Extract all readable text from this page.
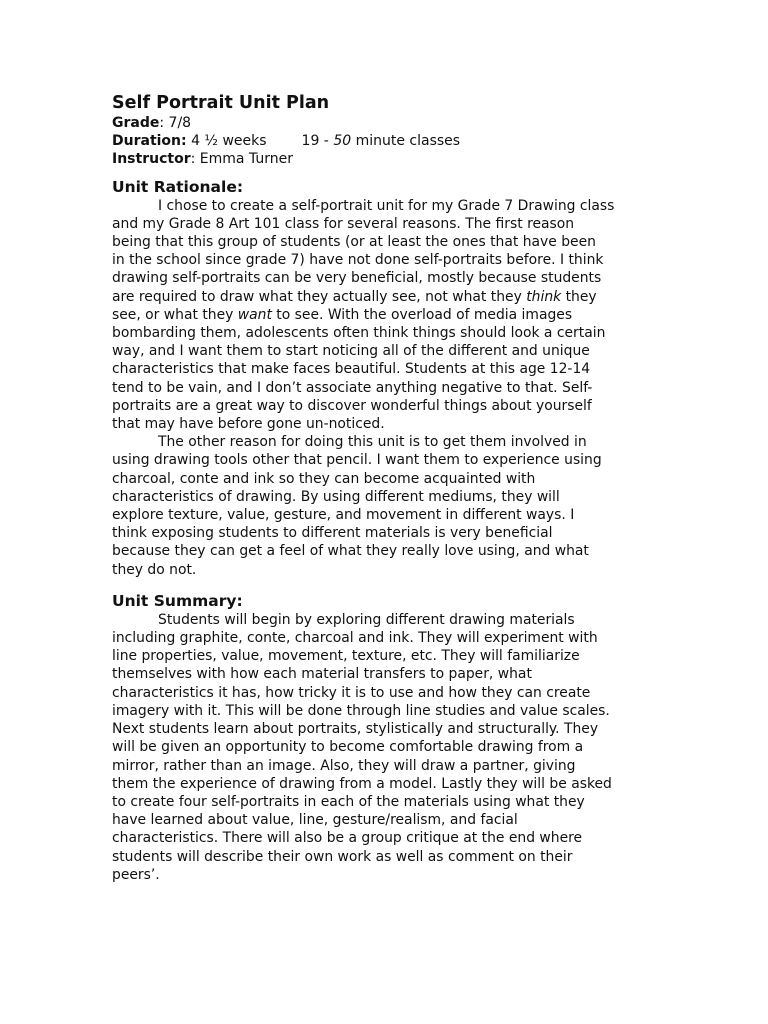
Self Portrait Unit Plan
Grade: 7/8
Duration: 4 ½ weeks	19 - 50 minute classes
Instructor: Emma Turner
Unit Rationale:

I chose to create a self-portrait unit for my Grade 7 Drawing class
and my Grade 8 Art 101 class for several reasons. The first reason
being that this group of students (or at least the ones that have been
in the school since grade 7) have not done self-portraits before. I think
drawing self-portraits can be very beneficial, mostly because students
are required to draw what they actually see, not what they think they
see, or what they want to see. With the overload of media images
bombarding them, adolescents often think things should look a certain
way, and I want them to start noticing all of the different and unique
characteristics that make faces beautiful. Students at this age 12-14
tend to be vain, and I don’t associate anything negative to that. Self-
portraits are a great way to discover wonderful things about yourself
that may have before gone un-noticed.

The other reason for doing this unit is to get them involved in
using drawing tools other that pencil. I want them to experience using
charcoal, conte and ink so they can become acquainted with
characteristics of drawing. By using different mediums, they will
explore texture, value, gesture, and movement in different ways. I
think exposing students to different materials is very beneficial
because they can get a feel of what they really love using, and what
they do not.

Unit Summary:

Students will begin by exploring different drawing materials
including graphite, conte, charcoal and ink. They will experiment with
line properties, value, movement, texture, etc. They will familiarize
themselves with how each material transfers to paper, what
characteristics it has, how tricky it is to use and how they can create
imagery with it. This will be done through line studies and value scales.
Next students learn about portraits, stylistically and structurally. They
will be given an opportunity to become comfortable drawing from a
mirror, rather than an image. Also, they will draw a partner, giving
them the experience of drawing from a model. Lastly they will be asked
to create four self-portraits in each of the materials using what they
have learned about value, line, gesture/realism, and facial
characteristics. There will also be a group critique at the end where
students will describe their own work as well as comment on their
peers’.
